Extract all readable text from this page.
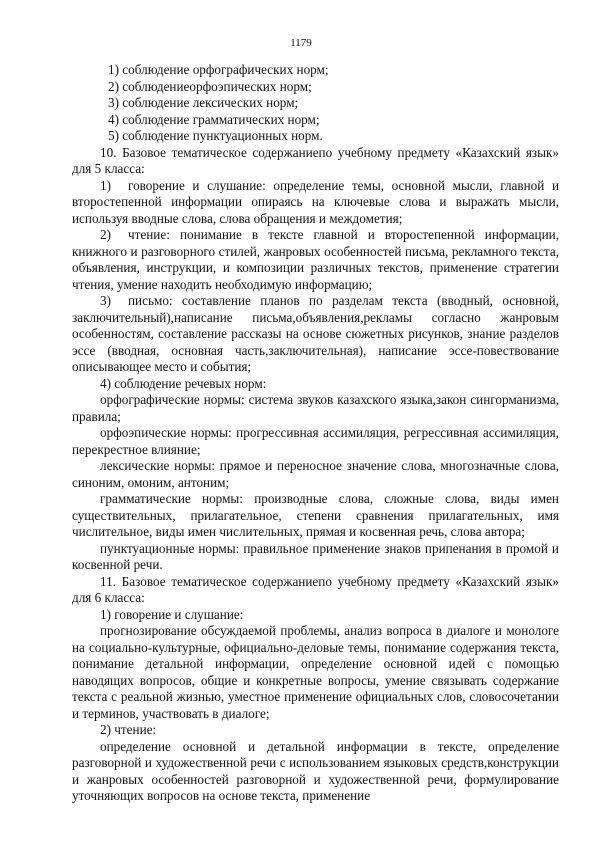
1179
1) соблюдение орфографических норм;
2) соблюдениеорфоэпических норм;
3) соблюдение лексических норм;
4) соблюдение грамматических норм;
5) соблюдение пунктуационных норм.

10. Базовое тематическое содержаниепо учебному предмету «Казахский язык» для 5 класса:

1) говорение и слушание: определение темы, основной мысли, главной и второстепенной информации опираясь на ключевые слова и выражать мысли, используя вводные слова, слова обращения и междометия;

2) чтение: понимание в тексте главной и второстепенной информации, книжного и разговорного стилей, жанровых особенностей письма, рекламного текста, объявления, инструкции, и композиции различных текстов, применение стратегии чтения, умение находить необходимую информацию;

3) письмо: составление планов по разделам текста (вводный, основной, заключительный),написание письма,объявления,рекламы согласно жанровым особенностям, составление рассказы на основе сюжетных рисунков, знание разделов эссе (вводная, основная часть,заключительная), написание эссе-повествование описывающее место и события;

4) соблюдение речевых норм:

орфографические нормы: система звуков казахского языка,закон сингорманизма, правила;

орфоэпические нормы: прогрессивная ассимиляция, регрессивная ассимиляция, перекрестное влияние;

лексические нормы: прямое и переносное значение слова, многозначные слова, синоним, омоним, антоним;

грамматические нормы: производные слова, сложные слова, виды имен существительных, прилагательное, степени сравнения прилагательных, имя числительное, виды имен числительных, прямая и косвенная речь, слова автора;

пунктуационные нормы: правильное применение знаков припенания в промой и косвенной речи.

11. Базовое тематическое содержаниепо учебному предмету «Казахский язык» для 6 класса:

1) говорение и слушание:

прогнозирование обсуждаемой проблемы, анализ вопроса в диалоге и монологе на социально-культурные, официально-деловые темы, понимание содержания текста, понимание детальной информации, определение основной идей с помощью наводящих вопросов, общие и конкретные вопросы, умение связывать содержание текста с реальной жизнью, уместное применение официальных слов, словосочетании и терминов, участвовать в диалоге;

2) чтение:

определение основной и детальной информации в тексте, определение разговорной и художественной речи с использованием языковых средств,конструкции и жанровых особенностей разговорной и художественной речи, формулирование уточняющих вопросов на основе текста, применение
